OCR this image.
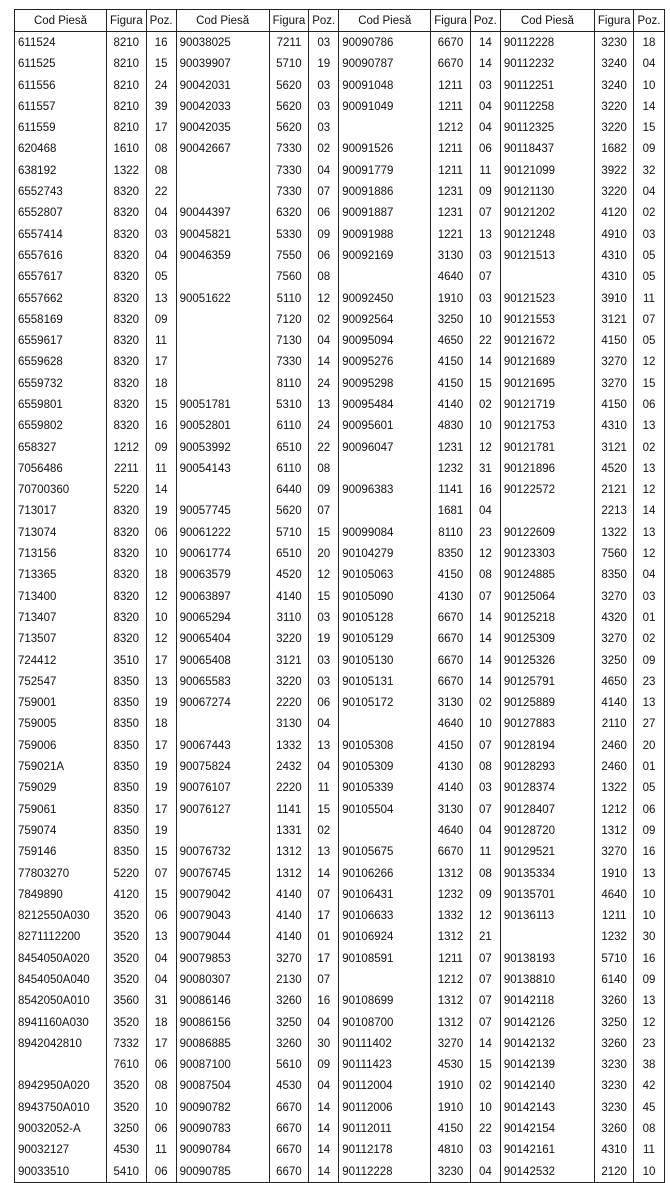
Cod Piesă	Figura	Poz.	Cod Piesă	Figura	Poz.	Cod Piesă	Figura	Poz.	Cod Piesă	Figura	Poz.
611524	8210	16	90038025	7211	03	90090786	6670	14	90112228	3230	18
611525	8210	15	90039907	5710	19	90090787	6670	14	90112232	3240	04
611556	8210	24	90042031	5620	03	90091048	1211	03	90112251	3240	10
611557	8210	39	90042033	5620	03	90091049	1211	04	90112258	3220	14
611559	8210	17	90042035	5620	03		1212	04	90112325	3220	15
620468	1610	08	90042667	7330	02	90091526	1211	06	90118437	1682	09
638192	1322	08		7330	04	90091779	1211	11	90121099	3922	32
6552743	8320	22		7330	07	90091886	1231	09	90121130	3220	04
6552807	8320	04	90044397	6320	06	90091887	1231	07	90121202	4120	02
6557414	8320	03	90045821	5330	09	90091988	1221	13	90121248	4910	03
6557616	8320	04	90046359	7550	06	90092169	3130	03	90121513	4310	05
6557617	8320	05		7560	08		4640	07		4310	05
6557662	8320	13	90051622	5110	12	90092450	1910	03	90121523	3910	11
6558169	8320	09		7120	02	90092564	3250	10	90121553	3121	07
6559617	8320	11		7130	04	90095094	4650	22	90121672	4150	05
6559628	8320	17		7330	14	90095276	4150	14	90121689	3270	12
6559732	8320	18		8110	24	90095298	4150	15	90121695	3270	15
6559801	8320	15	90051781	5310	13	90095484	4140	02	90121719	4150	06
6559802	8320	16	90052801	6110	24	90095601	4830	10	90121753	4310	13
658327	1212	09	90053992	6510	22	90096047	1231	12	90121781	3121	02
7056486	2211	11	90054143	6110	08		1232	31	90121896	4520	13
70700360	5220	14		6440	09	90096383	1141	16	90122572	2121	12
713017	8320	19	90057745	5620	07		1681	04		2213	14
713074	8320	06	90061222	5710	15	90099084	8110	23	90122609	1322	13
713156	8320	10	90061774	6510	20	90104279	8350	12	90123303	7560	12
713365	8320	18	90063579	4520	12	90105063	4150	08	90124885	8350	04
713400	8320	12	90063897	4140	15	90105090	4130	07	90125064	3270	03
713407	8320	10	90065294	3110	03	90105128	6670	14	90125218	4320	01
713507	8320	12	90065404	3220	19	90105129	6670	14	90125309	3270	02
724412	3510	17	90065408	3121	03	90105130	6670	14	90125326	3250	09
752547	8350	13	90065583	3220	03	90105131	6670	14	90125791	4650	23
759001	8350	19	90067274	2220	06	90105172	3130	02	90125889	4140	13
759005	8350	18		3130	04		4640	10	90127883	2110	27
759006	8350	17	90067443	1332	13	90105308	4150	07	90128194	2460	20
759021A	8350	19	90075824	2432	04	90105309	4130	08	90128293	2460	01
759029	8350	19	90076107	2220	11	90105339	4140	03	90128374	1322	05
759061	8350	17	90076127	1141	15	90105504	3130	07	90128407	1212	06
759074	8350	19		1331	02		4640	04	90128720	1312	09
759146	8350	15	90076732	1312	13	90105675	6670	11	90129521	3270	16
77803270	5220	07	90076745	1312	14	90106266	1312	08	90135334	1910	13
7849890	4120	15	90079042	4140	07	90106431	1232	09	90135701	4640	10
8212550A030	3520	06	90079043	4140	17	90106633	1332	12	90136113	1211	10
8271112200	3520	13	90079044	4140	01	90106924	1312	21		1232	30
8454050A020	3520	04	90079853	3270	17	90108591	1211	07	90138193	5710	16
8454050A040	3520	04	90080307	2130	07		1212	07	90138810	6140	09
8542050A010	3560	31	90086146	3260	16	90108699	1312	07	90142118	3260	13
8941160A030	3520	18	90086156	3250	04	90108700	1312	07	90142126	3250	12
8942042810	7332	17	90086885	3260	30	90111402	3270	14	90142132	3260	23
	7610	06	90087100	5610	09	90111423	4530	15	90142139	3230	38
8942950A020	3520	08	90087504	4530	04	90112004	1910	02	90142140	3230	42
8943750A010	3520	10	90090782	6670	14	90112006	1910	10	90142143	3230	45
90032052-A	3250	06	90090783	6670	14	90112011	4150	22	90142154	3260	08
90032127	4530	11	90090784	6670	14	90112178	4810	03	90142161	4310	11
90033510	5410	06	90090785	6670	14	90112228	3230	04	90142532	2120	10
